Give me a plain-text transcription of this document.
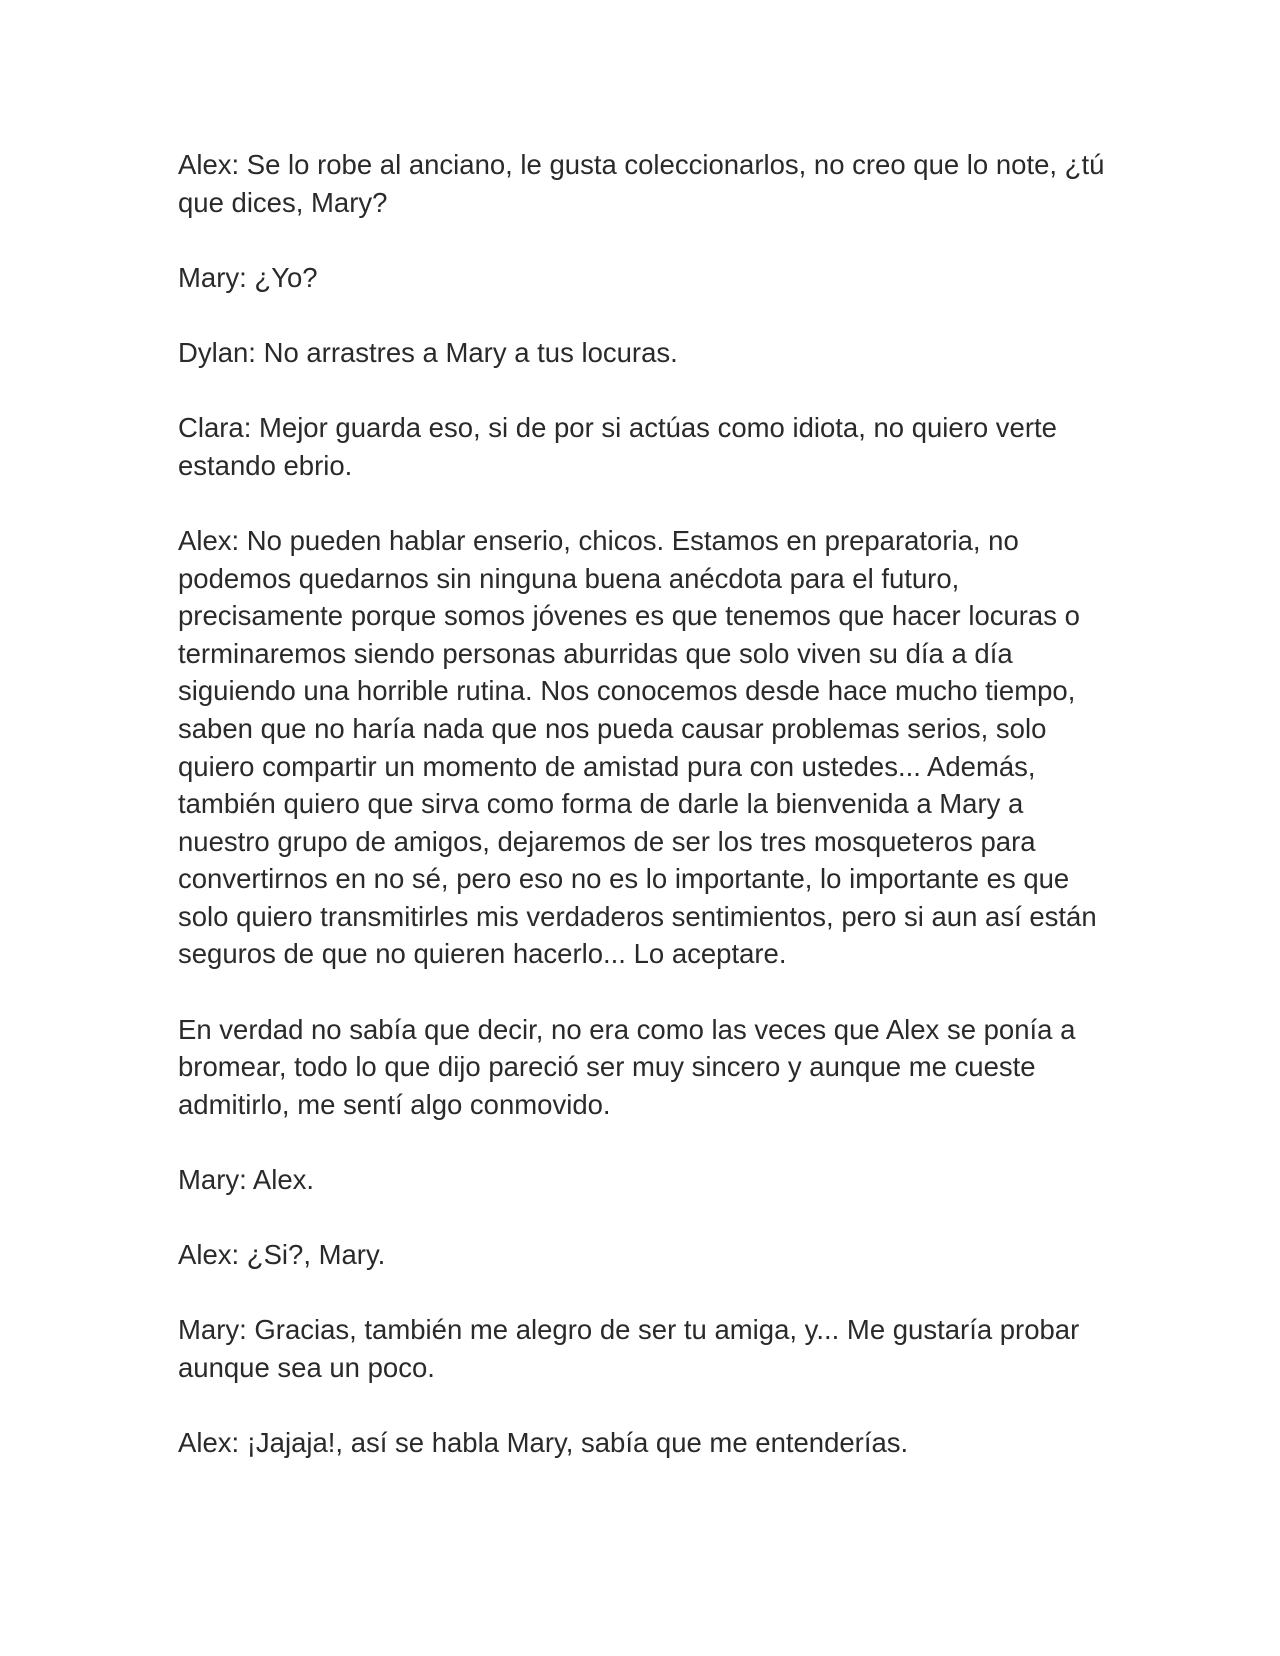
Alex: Se lo robe al anciano, le gusta coleccionarlos, no creo que lo note, ¿tú que dices, Mary?

Mary: ¿Yo?

Dylan: No arrastres a Mary a tus locuras.

Clara: Mejor guarda eso, si de por si actúas como idiota, no quiero verte estando ebrio.

Alex: No pueden hablar enserio, chicos. Estamos en preparatoria, no podemos quedarnos sin ninguna buena anécdota para el futuro, precisamente porque somos jóvenes es que tenemos que hacer locuras o terminaremos siendo personas aburridas que solo viven su día a día siguiendo una horrible rutina. Nos conocemos desde hace mucho tiempo, saben que no haría nada que nos pueda causar problemas serios, solo quiero compartir un momento de amistad pura con ustedes... Además, también quiero que sirva como forma de darle la bienvenida a Mary a nuestro grupo de amigos, dejaremos de ser los tres mosqueteros para convertirnos en no sé, pero eso no es lo importante, lo importante es que solo quiero transmitirles mis verdaderos sentimientos, pero si aun así están seguros de que no quieren hacerlo... Lo aceptare.

En verdad no sabía que decir, no era como las veces que Alex se ponía a bromear, todo lo que dijo pareció ser muy sincero y aunque me cueste admitirlo, me sentí algo conmovido.

Mary: Alex.

Alex: ¿Si?, Mary.

Mary: Gracias, también me alegro de ser tu amiga, y... Me gustaría probar aunque sea un poco.

Alex: ¡Jajaja!, así se habla Mary, sabía que me entenderías.
